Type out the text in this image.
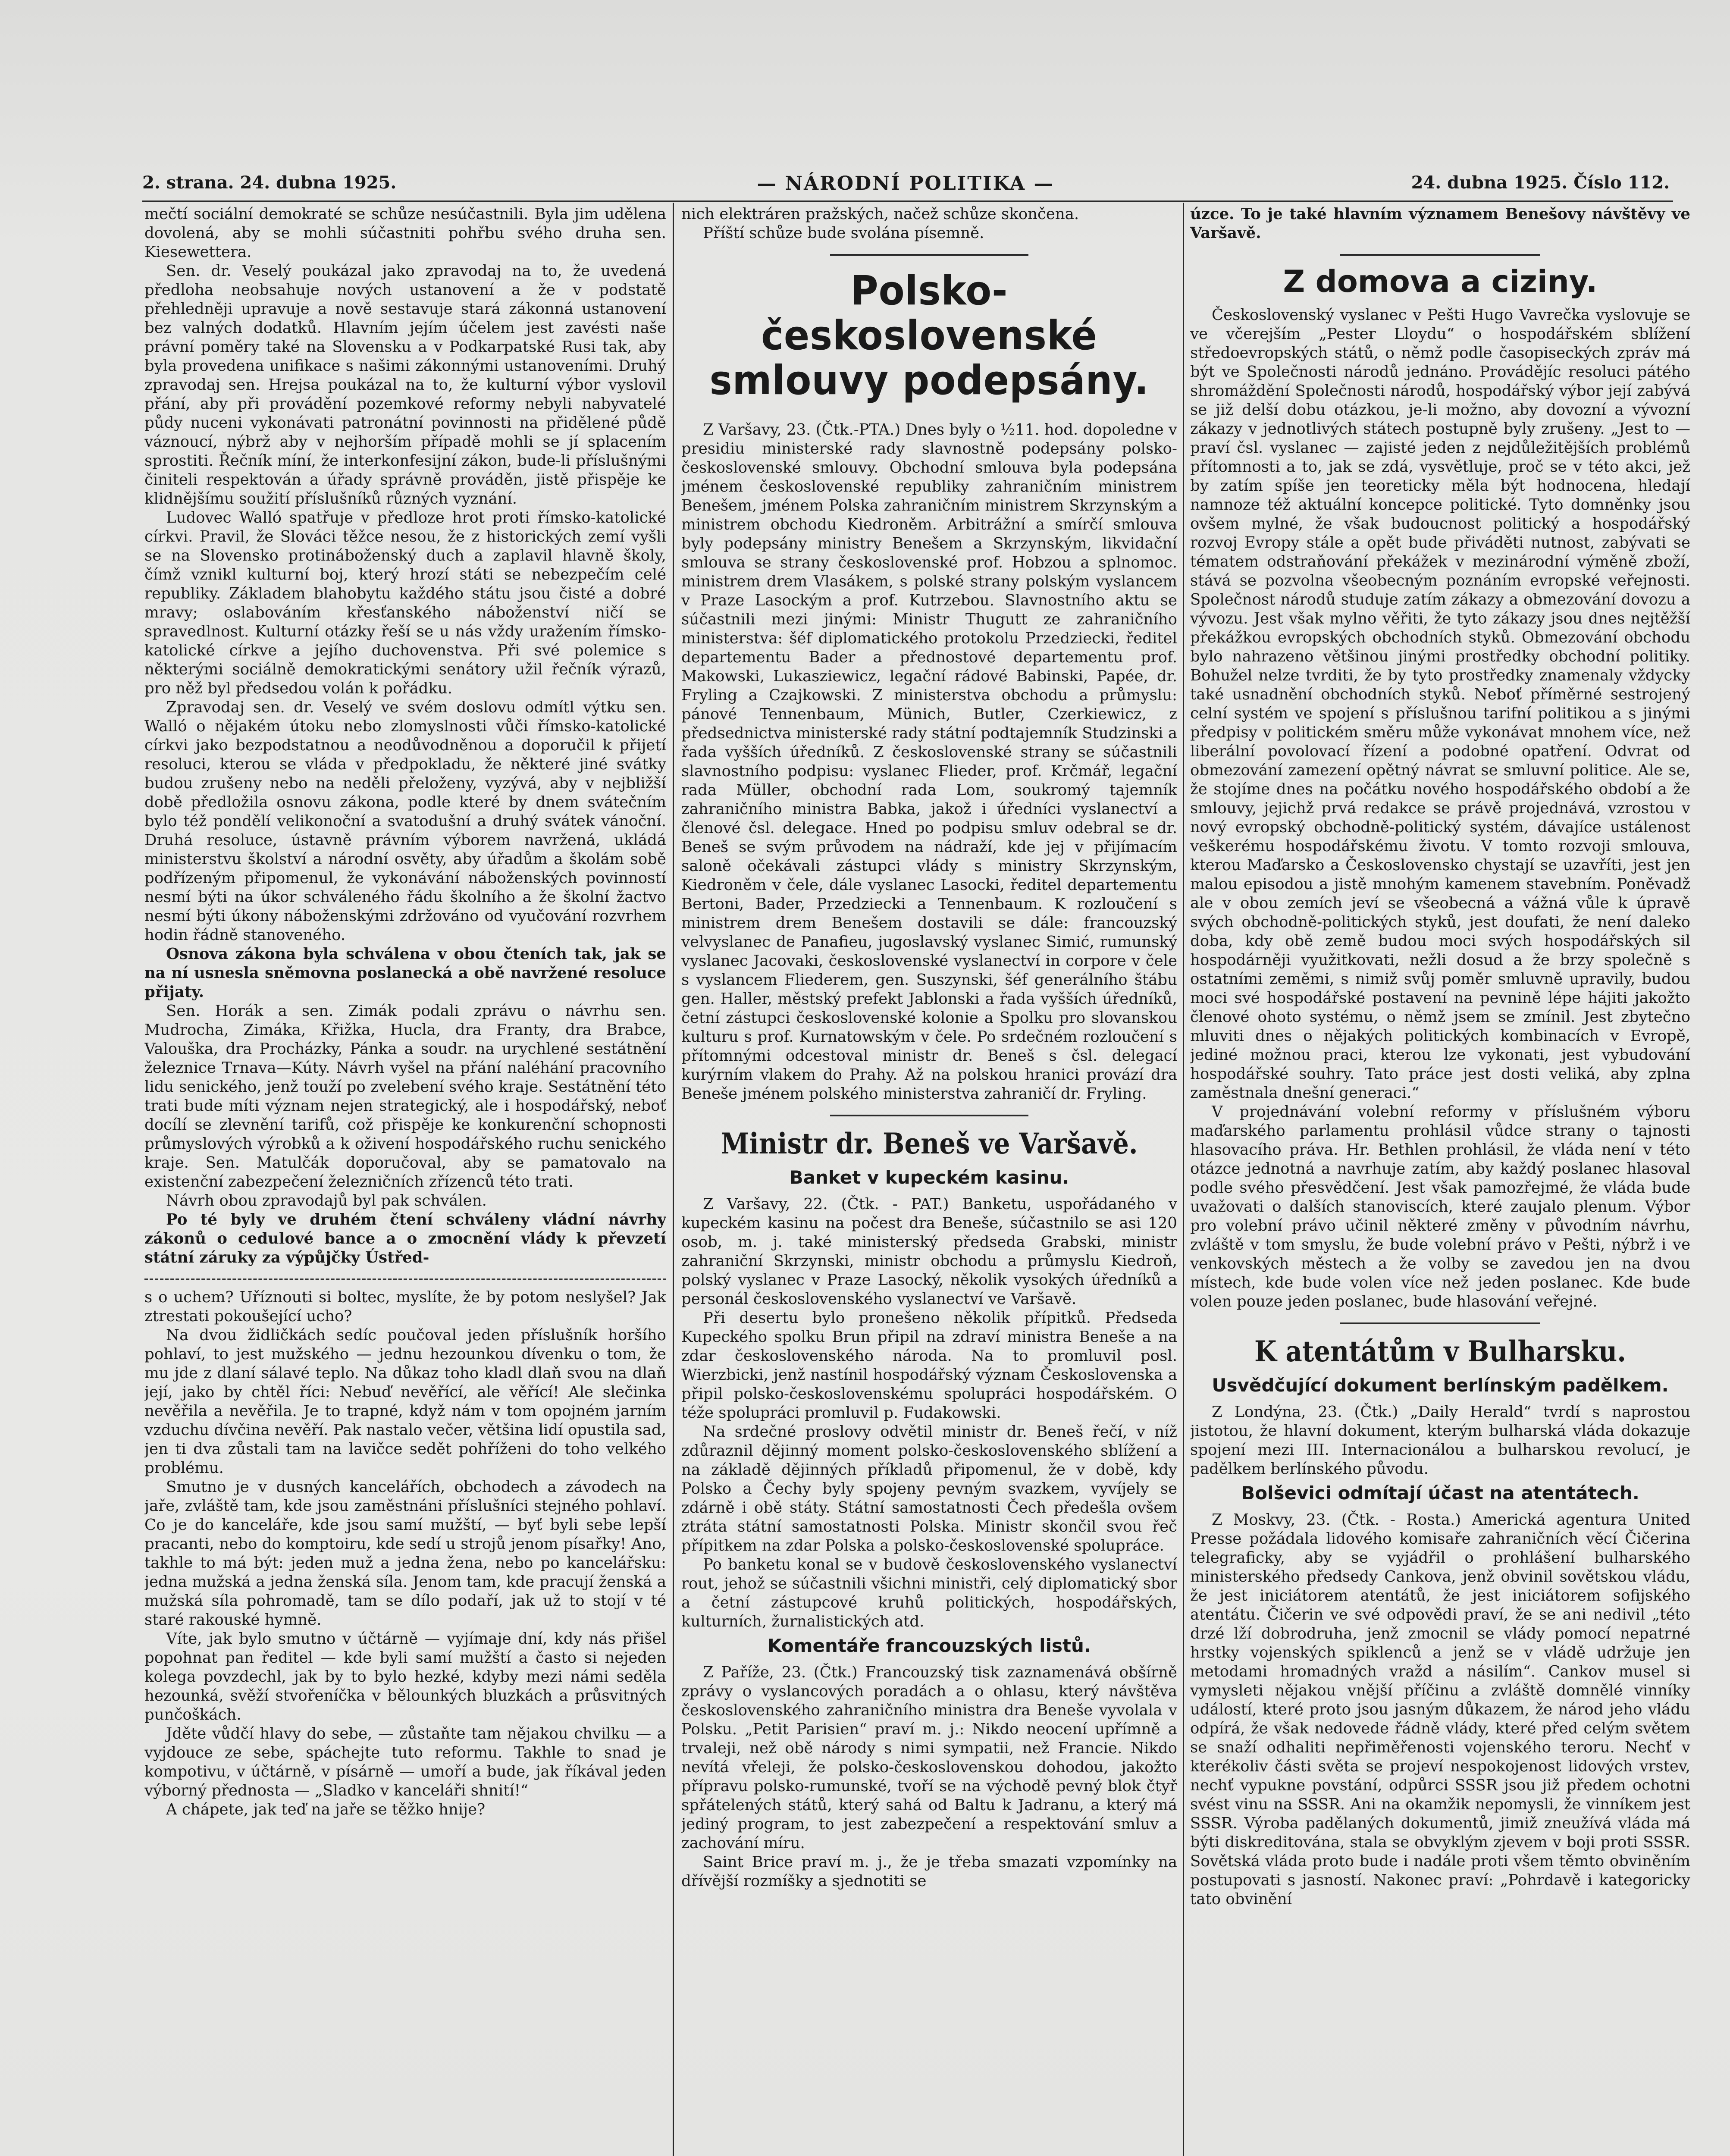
2. strana. 24. dubna 1925.	— NÁRODNÍ POLITIKA —	24. dubna 1925. Číslo 112.

mečtí sociální demokraté se schůze nesúčastnili. Byla jim udělena dovolená, aby se mohli súčastniti pohřbu svého druha sen. Kiesewettera.

Sen. dr. Veselý poukázal jako zpravodaj na to, že uvedená předloha neobsahuje nových ustanovení a že v podstatě přehledněji upravuje a nově sestavuje stará zákonná ustanovení bez valných dodatků. Hlavním jejím účelem jest zavésti naše právní poměry také na Slovensku a v Podkarpatské Rusi tak, aby byla provedena unifikace s našimi zákonnými ustanoveními. Druhý zpravodaj sen. Hrejsa poukázal na to, že kulturní výbor vyslovil přání, aby při provádění pozemkové reformy nebyli nabyvatelé půdy nuceni vykonávati patronátní povinnosti na přidělené půdě váznoucí, nýbrž aby v nejhorším případě mohli se jí splacením sprostiti. Řečník míní, že interkonfesijní zákon, bude-li příslušnými činiteli respektován a úřady správně prováděn, jistě přispěje ke klidnějšímu soužití příslušníků různých vyznání.

Ludovec Walló spatřuje v předloze hrot proti římsko-katolické církvi. Pravil, že Slováci těžce nesou, že z historických zemí vyšli se na Slovensko protináboženský duch a zaplavil hlavně školy, čímž vznikl kulturní boj, který hrozí státi se nebezpečím celé republiky. Základem blahobytu každého státu jsou čisté a dobré mravy; oslabováním křesťanského náboženství ničí se spravedlnost. Kulturní otázky řeší se u nás vždy uražením římsko-katolické církve a jejího duchovenstva. Při své polemice s některými sociálně demokratickými senátory užil řečník výrazů, pro něž byl předsedou volán k pořádku.

Zpravodaj sen. dr. Veselý ve svém doslovu odmítl výtku sen. Walló o nějakém útoku nebo zlomyslnosti vůči římsko-katolické církvi jako bezpodstatnou a neodůvodněnou a doporučil k přijetí resoluci, kterou se vláda v předpokladu, že některé jiné svátky budou zrušeny nebo na neděli přeloženy, vyzývá, aby v nejbližší době předložila osnovu zákona, podle které by dnem svátečním bylo též pondělí velikonoční a svatodušní a druhý svátek vánoční. Druhá resoluce, ústavně právním výborem navržená, ukládá ministerstvu školství a národní osvěty, aby úřadům a školám sobě podřízeným připomenul, že vykonávání náboženských povinností nesmí býti na úkor schváleného řádu školního a že školní žactvo nesmí býti úkony náboženskými zdržováno od vyučování rozvrhem hodin řádně stanoveného.

Osnova zákona byla schválena v obou čteních tak, jak se na ní usnesla sněmovna poslanecká a obě navržené resoluce přijaty.

Sen. Horák a sen. Zimák podali zprávu o návrhu sen. Mudrocha, Zimáka, Křižka, Hucla, dra Franty, dra Brabce, Valouška, dra Procházky, Pánka a soudr. na urychlené sestátnění železnice Trnava—Kúty. Návrh vyšel na přání naléhání pracovního lidu senického, jenž touží po zvelebení svého kraje. Sestátnění této trati bude míti význam nejen strategický, ale i hospodářský, neboť docílí se zlevnění tarifů, což přispěje ke konkurenční schopnosti průmyslových výrobků a k oživení hospodářského ruchu senického kraje. Sen. Matulčák doporučoval, aby se pamatovalo na existenční zabezpečení železničních zřízenců této trati.

Návrh obou zpravodajů byl pak schválen.

Po té byly ve druhém čtení schváleny vládní návrhy zákonů o cedulové bance a o zmocnění vlády k převzetí státní záruky za výpůjčky Ústřed-

s o uchem? Uříznouti si boltec, myslíte, že by potom neslyšel? Jak ztrestati pokoušející ucho?

Na dvou židličkách sedíc poučoval jeden příslušník horšího pohlaví, to jest mužského — jednu hezounkou dívenku o tom, že mu jde z dlaní sálavé teplo. Na důkaz toho kladl dlaň svou na dlaň její, jako by chtěl říci: Nebuď nevěřící, ale věřící! Ale slečinka nevěřila a nevěřila. Je to trapné, když nám v tom opojném jarním vzduchu dívčina nevěří. Pak nastalo večer, většina lidí opustila sad, jen ti dva zůstali tam na lavičce sedět pohříženi do toho velkého problému.

Smutno je v dusných kancelářích, obchodech a závodech na jaře, zvláště tam, kde jsou zaměstnáni příslušníci stejného pohlaví. Co je do kanceláře, kde jsou samí mužští, — byť byli sebe lepší pracanti, nebo do komptoiru, kde sedí u strojů jenom písařky! Ano, takhle to má být: jeden muž a jedna žena, nebo po kancelářsku: jedna mužská a jedna ženská síla. Jenom tam, kde pracují ženská a mužská síla pohromadě, tam se dílo podaří, jak už to stojí v té staré rakouské hymně.

Víte, jak bylo smutno v účtárně — vyjímaje dní, kdy nás přišel popohnat pan ředitel — kde byli samí mužští a často si nejeden kolega povzdechl, jak by to bylo hezké, kdyby mezi námi seděla hezounká, svěží stvořeníčka v bělounkých bluzkách a průsvitných punčoškách.

Jděte vůdčí hlavy do sebe, — zůstaňte tam nějakou chvilku — a vyjdouce ze sebe, spáchejte tuto reformu. Takhle to snad je kompotivu, v účtárně, v písárně — umoří a bude, jak říkával jeden výborný přednosta — „Sladko v kanceláři shnití!“

A chápete, jak teď na jaře se těžko hnije?

nich elektráren pražských, načež schůze skončena.

Příští schůze bude svolána písemně.

Polsko-československé smlouvy podepsány.

Z Varšavy, 23. (Čtk.-PTA.) Dnes byly o ½11. hod. dopoledne v presidiu ministerské rady slavnostně podepsány polsko-československé smlouvy. Obchodní smlouva byla podepsána jménem československé republiky zahraničním ministrem Benešem, jménem Polska zahraničním ministrem Skrzynským a ministrem obchodu Kiedroněm. Arbitrážní a smírčí smlouva byly podepsány ministry Benešem a Skrzynským, likvidační smlouva se strany československé prof. Hobzou a splnomoc. ministrem drem Vlasákem, s polské strany polským vyslancem v Praze Lasockým a prof. Kutrzebou. Slavnostního aktu se súčastnili mezi jinými: Ministr Thugutt ze zahraničního ministerstva: šéf diplomatického protokolu Przedziecki, ředitel departementu Bader a přednostové departementu prof. Makowski, Lukasziewicz, legační rádové Babinski, Papée, dr. Fryling a Czajkowski. Z ministerstva obchodu a průmyslu: pánové Tennenbaum, Münich, Butler, Czerkiewicz, z předsednictva ministerské rady státní podtajemník Studzinski a řada vyšších úředníků. Z československé strany se súčastnili slavnostního podpisu: vyslanec Flieder, prof. Krčmář, legační rada Müller, obchodní rada Lom, soukromý tajemník zahraničního ministra Babka, jakož i úředníci vyslanectví a členové čsl. delegace. Hned po podpisu smluv odebral se dr. Beneš se svým průvodem na nádraží, kde jej v přijímacím saloně očekávali zástupci vlády s ministry Skrzynským, Kiedroněm v čele, dále vyslanec Lasocki, ředitel departementu Bertoni, Bader, Przedziecki a Tennenbaum. K rozloučení s ministrem drem Benešem dostavili se dále: francouzský velvyslanec de Panafieu, jugoslavský vyslanec Simić, rumunský vyslanec Jacovaki, československé vyslanectví in corpore v čele s vyslancem Fliederem, gen. Suszynski, šéf generálního štábu gen. Haller, městský prefekt Jablonski a řada vyšších úředníků, četní zástupci československé kolonie a Spolku pro slovanskou kulturu s prof. Kurnatowským v čele. Po srdečném rozloučení s přítomnými odcestoval ministr dr. Beneš s čsl. delegací kurýrním vlakem do Prahy. Až na polskou hranici provází dra Beneše jménem polského ministerstva zahraničí dr. Fryling.

Ministr dr. Beneš ve Varšavě.
Banket v kupeckém kasinu.

Z Varšavy, 22. (Čtk. - PAT.) Banketu, uspořádaného v kupeckém kasinu na počest dra Beneše, súčastnilo se asi 120 osob, m. j. také ministerský předseda Grabski, ministr zahraniční Skrzynski, ministr obchodu a průmyslu Kiedroň, polský vyslanec v Praze Lasocký, několik vysokých úředníků a personál československého vyslanectví ve Varšavě.

Při desertu bylo pronešeno několik přípitků. Předseda Kupeckého spolku Brun připil na zdraví ministra Beneše a na zdar československého národa. Na to promluvil posl. Wierzbicki, jenž nastínil hospodářský význam Československa a připil polsko-československému spolupráci hospodářském. O téže spolupráci promluvil p. Fudakowski.

Na srdečné proslovy odvětil ministr dr. Beneš řečí, v níž zdůraznil dějinný moment polsko-československého sblížení a na základě dějinných příkladů připomenul, že v době, kdy Polsko a Čechy byly spojeny pevným svazkem, vyvíjely se zdárně i obě státy. Státní samostatnosti Čech předešla ovšem ztráta státní samostatnosti Polska. Ministr skončil svou řeč přípitkem na zdar Polska a polsko-československé spolupráce.

Po banketu konal se v budově československého vyslanectví rout, jehož se súčastnili všichni ministři, celý diplomatický sbor a četní zástupcové kruhů politických, hospodářských, kulturních, žurnalistických atd.

Komentáře francouzských listů.

Z Paříže, 23. (Čtk.) Francouzský tisk zaznamenává obšírně zprávy o vyslancových poradách a o ohlasu, který návštěva československého zahraničního ministra dra Beneše vyvolala v Polsku. „Petit Parisien“ praví m. j.: Nikdo neocení upřímně a trvaleji, než obě národy s nimi sympatii, než Francie. Nikdo nevítá vřeleji, že polsko-československou dohodou, jakožto přípravu polsko-rumunské, tvoří se na východě pevný blok čtyř spřátelených států, který sahá od Baltu k Jadranu, a který má jediný program, to jest zabezpečení a respektování smluv a zachování míru.

Saint Brice praví m. j., že je třeba smazati vzpomínky na dřívější rozmíšky a sjednotiti se

úzce. To je také hlavním významem Benešovy návštěvy ve Varšavě.

Z domova a ciziny.

Československý vyslanec v Pešti Hugo Vavrečka vyslovuje se ve včerejším „Pester Lloydu“ o hospodářském sblížení středoevropských států, o němž podle časopiseckých zpráv má být ve Společnosti národů jednáno. Provádějíc resoluci pátého shromáždění Společnosti národů, hospodářský výbor její zabývá se již delší dobu otázkou, je-li možno, aby dovozní a vývozní zákazy v jednotlivých státech postupně byly zrušeny. „Jest to — praví čsl. vyslanec — zajisté jeden z nejdůležitějších problémů přítomnosti a to, jak se zdá, vysvětluje, proč se v této akci, jež by zatím spíše jen teoreticky měla být hodnocena, hledají namnoze též aktuální koncepce politické. Tyto domněnky jsou ovšem mylné, že však budoucnost politický a hospodářský rozvoj Evropy stále a opět bude přiváděti nutnost, zabývati se tématem odstraňování překážek v mezinárodní výměně zboží, stává se pozvolna všeobecným poznáním evropské veřejnosti. Společnost národů studuje zatím zákazy a obmezování dovozu a vývozu. Jest však mylno věřiti, že tyto zákazy jsou dnes nejtěžší překážkou evropských obchodních styků. Obmezování obchodu bylo nahrazeno většinou jinými prostředky obchodní politiky. Bohužel nelze tvrditi, že by tyto prostředky znamenaly vždycky také usnadnění obchodních styků. Neboť příměrné sestrojený celní systém ve spojení s příslušnou tarifní politikou a s jinými předpisy v politickém směru může vykonávat mnohem více, než liberální povolovací řízení a podobné opatření. Odvrat od obmezování zamezení opětný návrat se smluvní politice. Ale se, že stojíme dnes na počátku nového hospodářského období a že smlouvy, jejichž prvá redakce se právě projednává, vzrostou v nový evropský obchodně-politický systém, dávajíce ustálenost veškerému hospodářskému životu. V tomto rozvoji smlouva, kterou Maďarsko a Československo chystají se uzavříti, jest jen malou episodou a jistě mnohým kamenem stavebním. Poněvadž ale v obou zemích jeví se všeobecná a vážná vůle k úpravě svých obchodně-politických styků, jest doufati, že není daleko doba, kdy obě země budou moci svých hospodářských sil hospodárněji využitkovati, nežli dosud a že brzy společně s ostatními zeměmi, s nimiž svůj poměr smluvně upravily, budou moci své hospodářské postavení na pevnině lépe hájiti jakožto členové ohoto systému, o němž jsem se zmínil. Jest zbytečno mluviti dnes o nějakých politických kombinacích v Evropě, jediné možnou praci, kterou lze vykonati, jest vybudování hospodářské souhry. Tato práce jest dosti veliká, aby zplna zaměstnala dnešní generaci.“

V projednávání volební reformy v příslušném výboru maďarského parlamentu prohlásil vůdce strany o tajnosti hlasovacího práva. Hr. Bethlen prohlásil, že vláda není v této otázce jednotná a navrhuje zatím, aby každý poslanec hlasoval podle svého přesvědčení. Jest však pamozřejmé, že vláda bude uvažovati o dalších stanoviscích, které zaujalo plenum. Výbor pro volební právo učinil některé změny v původním návrhu, zvláště v tom smyslu, že bude volební právo v Pešti, nýbrž i ve venkovských městech a že volby se zavedou jen na dvou místech, kde bude volen více než jeden poslanec. Kde bude volen pouze jeden poslanec, bude hlasování veřejné.

K atentátům v Bulharsku.
Usvědčující dokument berlínským padělkem.

Z Londýna, 23. (Čtk.) „Daily Herald“ tvrdí s naprostou jistotou, že hlavní dokument, kterým bulharská vláda dokazuje spojení mezi III. Internacionálou a bulharskou revolucí, je padělkem berlínského původu.

Bolševici odmítají účast na atentátech.

Z Moskvy, 23. (Čtk. - Rosta.) Americká agentura United Presse požádala lidového komisaře zahraničních věcí Čičerina telegraficky, aby se vyjádřil o prohlášení bulharského ministerského předsedy Cankova, jenž obvinil sovětskou vládu, že jest iniciátorem atentátů, že jest iniciátorem sofijského atentátu. Čičerin ve své odpovědi praví, že se ani nedivil „této drzé lží dobrodruha, jenž zmocnil se vlády pomocí nepatrné hrstky vojenských spiklenců a jenž se v vládě udržuje jen metodami hromadných vražd a násilím“. Cankov musel si vymysleti nějakou vnější příčinu a zvláště domnělé vinníky událostí, které proto jsou jasným důkazem, že národ jeho vládu odpírá, že však nedovede řádně vlády, které před celým světem se snaží odhaliti nepřiměřenosti vojenského teroru. Nechť v kterékoliv části světa se projeví nespokojenost lidových vrstev, nechť vypukne povstání, odpůrci SSSR jsou již předem ochotni svést vinu na SSSR. Ani na okamžik nepomysli, že vinníkem jest SSSR. Výroba padělaných dokumentů, jimiž zneužívá vláda má býti diskreditována, stala se obvyklým zjevem v boji proti SSSR. Sovětská vláda proto bude i nadále proti všem těmto obviněním postupovati s jasností. Nakonec praví: „Pohrdavě i kategoricky tato obvinění
